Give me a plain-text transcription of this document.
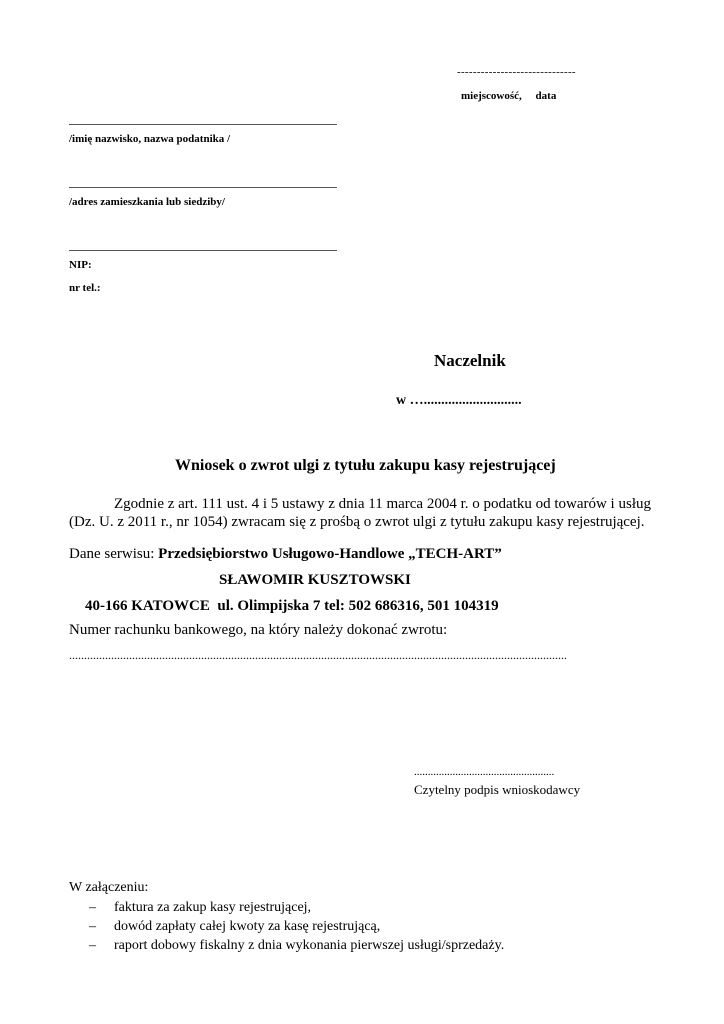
------------------------------
miejscowość,     data
/imię nazwisko, nazwa podatnika /
/adres zamieszkania lub siedziby/
NIP:
nr tel.:
Naczelnik
w …............................
Wniosek o zwrot ulgi z tytułu zakupu kasy rejestrującej
Zgodnie z art. 111 ust. 4 i 5 ustawy z dnia 11 marca 2004 r. o podatku od towarów i usług
(Dz. U. z 2011 r., nr 1054) zwracam się z prośbą o zwrot ulgi z tytułu zakupu kasy rejestrującej.
Dane serwisu: Przedsiębiorstwo Usługowo-Handlowe „TECH-ART”
SŁAWOMIR KUSZTOWSKI
40-166 KATOWCE  ul. Olimpijska 7 tel: 502 686316, 501 104319
Numer rachunku bankowego, na który należy dokonać zwrotu:
......................................................................................................................................................................
...................................................
Czytelny podpis wnioskodawcy
W załączeniu:
– faktura za zakup kasy rejestrującej,
– dowód zapłaty całej kwoty za kasę rejestrującą,
– raport dobowy fiskalny z dnia wykonania pierwszej usługi/sprzedaży.
